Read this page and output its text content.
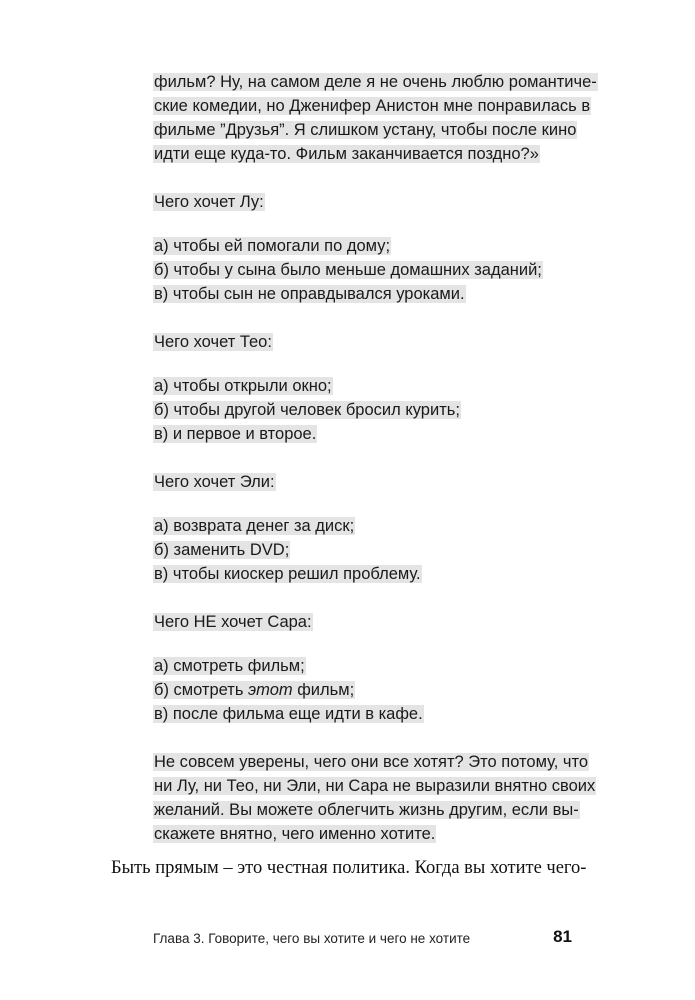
фильм? Ну, на самом деле я не очень люблю романтиче-
ские комедии, но Дженифер Анистон мне понравилась в
фильме ”Друзья”. Я слишком устану, чтобы после кино
идти еще куда-то. Фильм заканчивается поздно?»
Чего хочет Лу:
а) чтобы ей помогали по дому;
б) чтобы у сына было меньше домашних заданий;
в) чтобы сын не оправдывался уроками.
Чего хочет Тео:
а) чтобы открыли окно;
б) чтобы другой человек бросил курить;
в) и первое и второе.
Чего хочет Эли:
а) возврата денег за диск;
б) заменить DVD;
в) чтобы киоскер решил проблему.
Чего НЕ хочет Сара:
а) смотреть фильм;
б) смотреть этот фильм;
в) после фильма еще идти в кафе.
Не совсем уверены, чего они все хотят? Это потому, что
ни Лу, ни Тео, ни Эли, ни Сара не выразили внятно своих
желаний. Вы можете облегчить жизнь другим, если вы-
скажете внятно, чего именно хотите.
Быть прямым – это честная политика. Когда вы хотите чего-
Глава 3. Говорите, чего вы хотите и чего не хотите	81
